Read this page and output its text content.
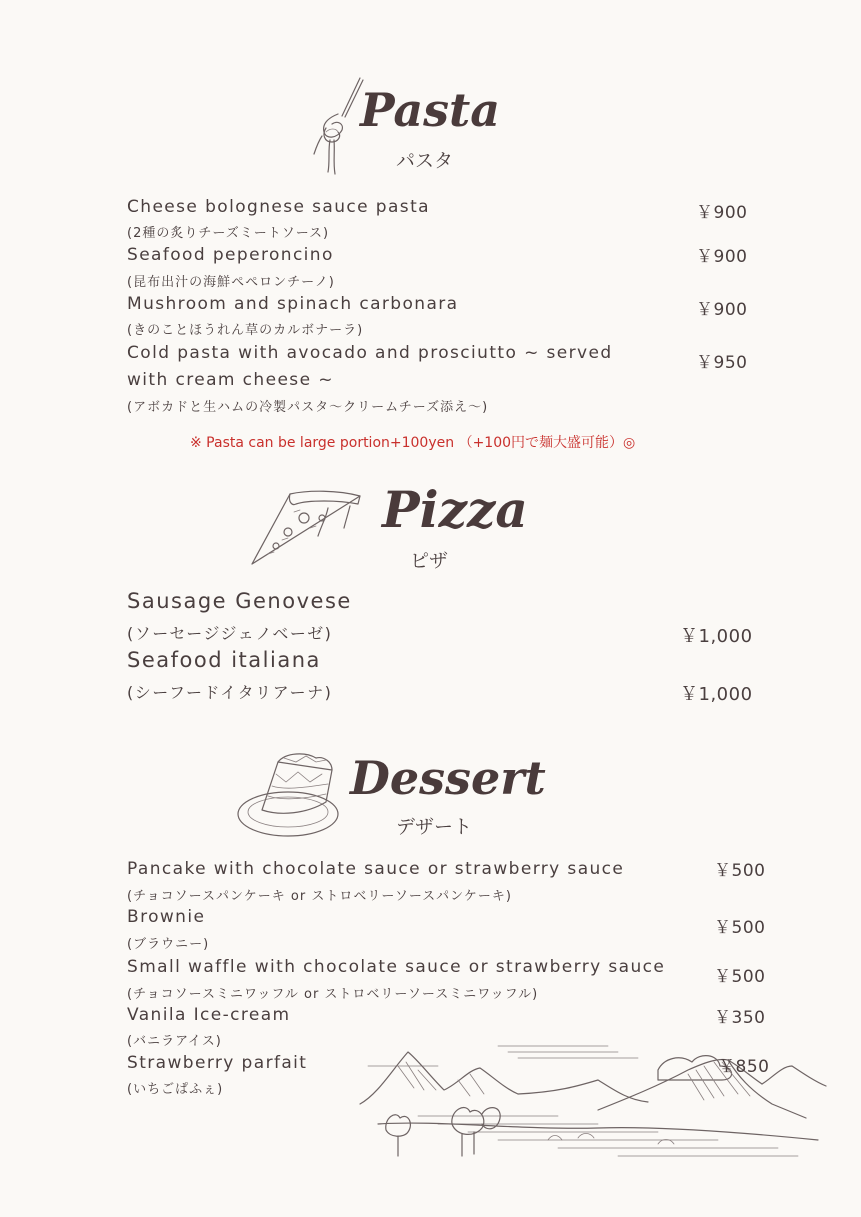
Pasta
パスタ
Cheese bolognese sauce pasta
(2種の炙りチーズミートソース)
￥900
Seafood peperoncino
(昆布出汁の海鮮ペペロンチーノ)
￥900
Mushroom and spinach carbonara
(きのことほうれん草のカルボナーラ)
￥900
Cold pasta with avocado and prosciutto ~ served
with cream cheese ~
(アボカドと生ハムの冷製パスタ〜クリームチーズ添え〜)
￥950
※ Pasta can be large portion+100yen （+100円で麺大盛可能）◎
Pizza
ピザ
Sausage Genovese
(ソーセージジェノベーゼ)	￥1,000
Seafood italiana
(シーフードイタリアーナ)	￥1,000
Dessert
デザート
Pancake with chocolate sauce or strawberry sauce
(チョコソースパンケーキ or ストロベリーソースパンケーキ)
￥500
Brownie
(ブラウニー)
￥500
Small waffle with chocolate sauce or strawberry sauce
(チョコソースミニワッフル or ストロベリーソースミニワッフル)
￥500
Vanila Ice-cream
(バニラアイス)
￥350
Strawberry parfait
(いちごぱふぇ)
￥850
